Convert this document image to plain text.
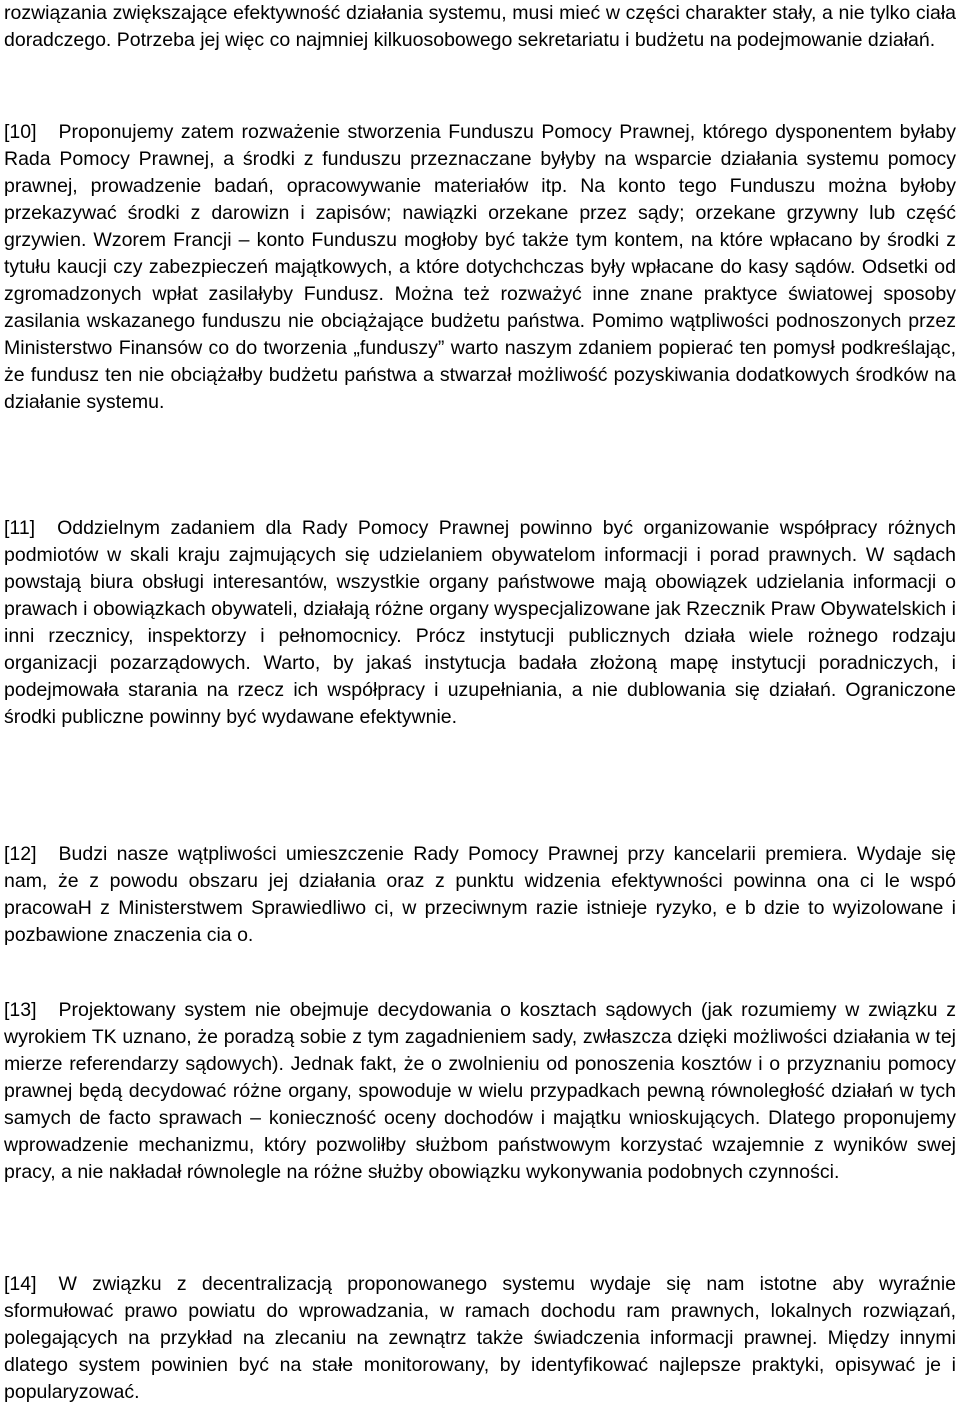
rozwiązania zwiększające efektywność działania systemu, musi mieć w części charakter stały, a nie tylko ciała doradczego. Potrzeba jej więc co najmniej kilkuosobowego sekretariatu i budżetu na podejmowanie działań.

[10] Proponujemy zatem rozważenie stworzenia Funduszu Pomocy Prawnej, którego dysponentem byłaby Rada Pomocy Prawnej, a środki z funduszu przeznaczane byłyby na wsparcie działania systemu pomocy prawnej, prowadzenie badań, opracowywanie materiałów itp. Na konto tego Funduszu można byłoby przekazywać środki z darowizn i zapisów; nawiązki orzekane przez sądy; orzekane grzywny lub część grzywien. Wzorem Francji – konto Funduszu mogłoby być także tym kontem, na które wpłacano by środki z tytułu kaucji czy zabezpieczeń majątkowych, a które dotychchczas były wpłacane do kasy sądów. Odsetki od zgromadzonych wpłat zasilałyby Fundusz. Można też rozważyć inne znane praktyce światowej sposoby zasilania wskazanego funduszu nie obciążające budżetu państwa. Pomimo wątpliwości podnoszonych przez Ministerstwo Finansów co do tworzenia „funduszy” warto naszym zdaniem popierać ten pomysł podkreślając, że fundusz ten nie obciążałby budżetu państwa a stwarzał możliwość pozyskiwania dodatkowych środków na działanie systemu.

[11] Oddzielnym zadaniem dla Rady Pomocy Prawnej powinno być organizowanie współpracy różnych podmiotów w skali kraju zajmujących się udzielaniem obywatelom informacji i porad prawnych. W sądach powstają biura obsługi interesantów, wszystkie organy państwowe mają obowiązek udzielania informacji o prawach i obowiązkach obywateli, działają różne organy wyspecjalizowane jak Rzecznik Praw Obywatelskich i inni rzecznicy, inspektorzy i pełnomocnicy. Prócz instytucji publicznych działa wiele rożnego rodzaju organizacji pozarządowych. Warto, by jakaś instytucja badała złożoną mapę instytucji poradniczych, i podejmowała starania na rzecz ich współpracy i uzupełniania, a nie dublowania się działań. Ograniczone środki publiczne powinny być wydawane efektywnie.

[12] Budzi nasze wątpliwości umieszczenie Rady Pomocy Prawnej przy kancelarii premiera. Wydaje się nam, że z powodu obszaru jej działania oraz z punktu widzenia efektywności powinna ona ci le wspó pracowaH z Ministerstwem Sprawiedliwo ci, w przeciwnym razie istnieje ryzyko, e b dzie to wyizolowane i pozbawione znaczenia cia o.

[13] Projektowany system nie obejmuje decydowania o kosztach sądowych (jak rozumiemy w związku z wyrokiem TK uznano, że poradzą sobie z tym zagadnieniem sady, zwłaszcza dzięki możliwości działania w tej mierze referendarzy sądowych). Jednak fakt, że o zwolnieniu od ponoszenia kosztów i o przyznaniu pomocy prawnej będą decydować różne organy, spowoduje w wielu przypadkach pewną równoległość działań w tych samych de facto sprawach – konieczność oceny dochodów i majątku wnioskujących. Dlatego proponujemy wprowadzenie mechanizmu, który pozwoliłby służbom państwowym korzystać wzajemnie z wyników swej pracy, a nie nakładał równolegle na różne służby obowiązku wykonywania podobnych czynności.

[14] W związku z decentralizacją proponowanego systemu wydaje się nam istotne aby wyraźnie sformułować prawo powiatu do wprowadzania, w ramach dochodu ram prawnych, lokalnych rozwiązań, polegających na przykład na zlecaniu na zewnątrz także świadczenia informacji prawnej. Między innymi dlatego system powinien być na stałe monitorowany, by identyfikować najlepsze praktyki, opisywać je i popularyzować.
